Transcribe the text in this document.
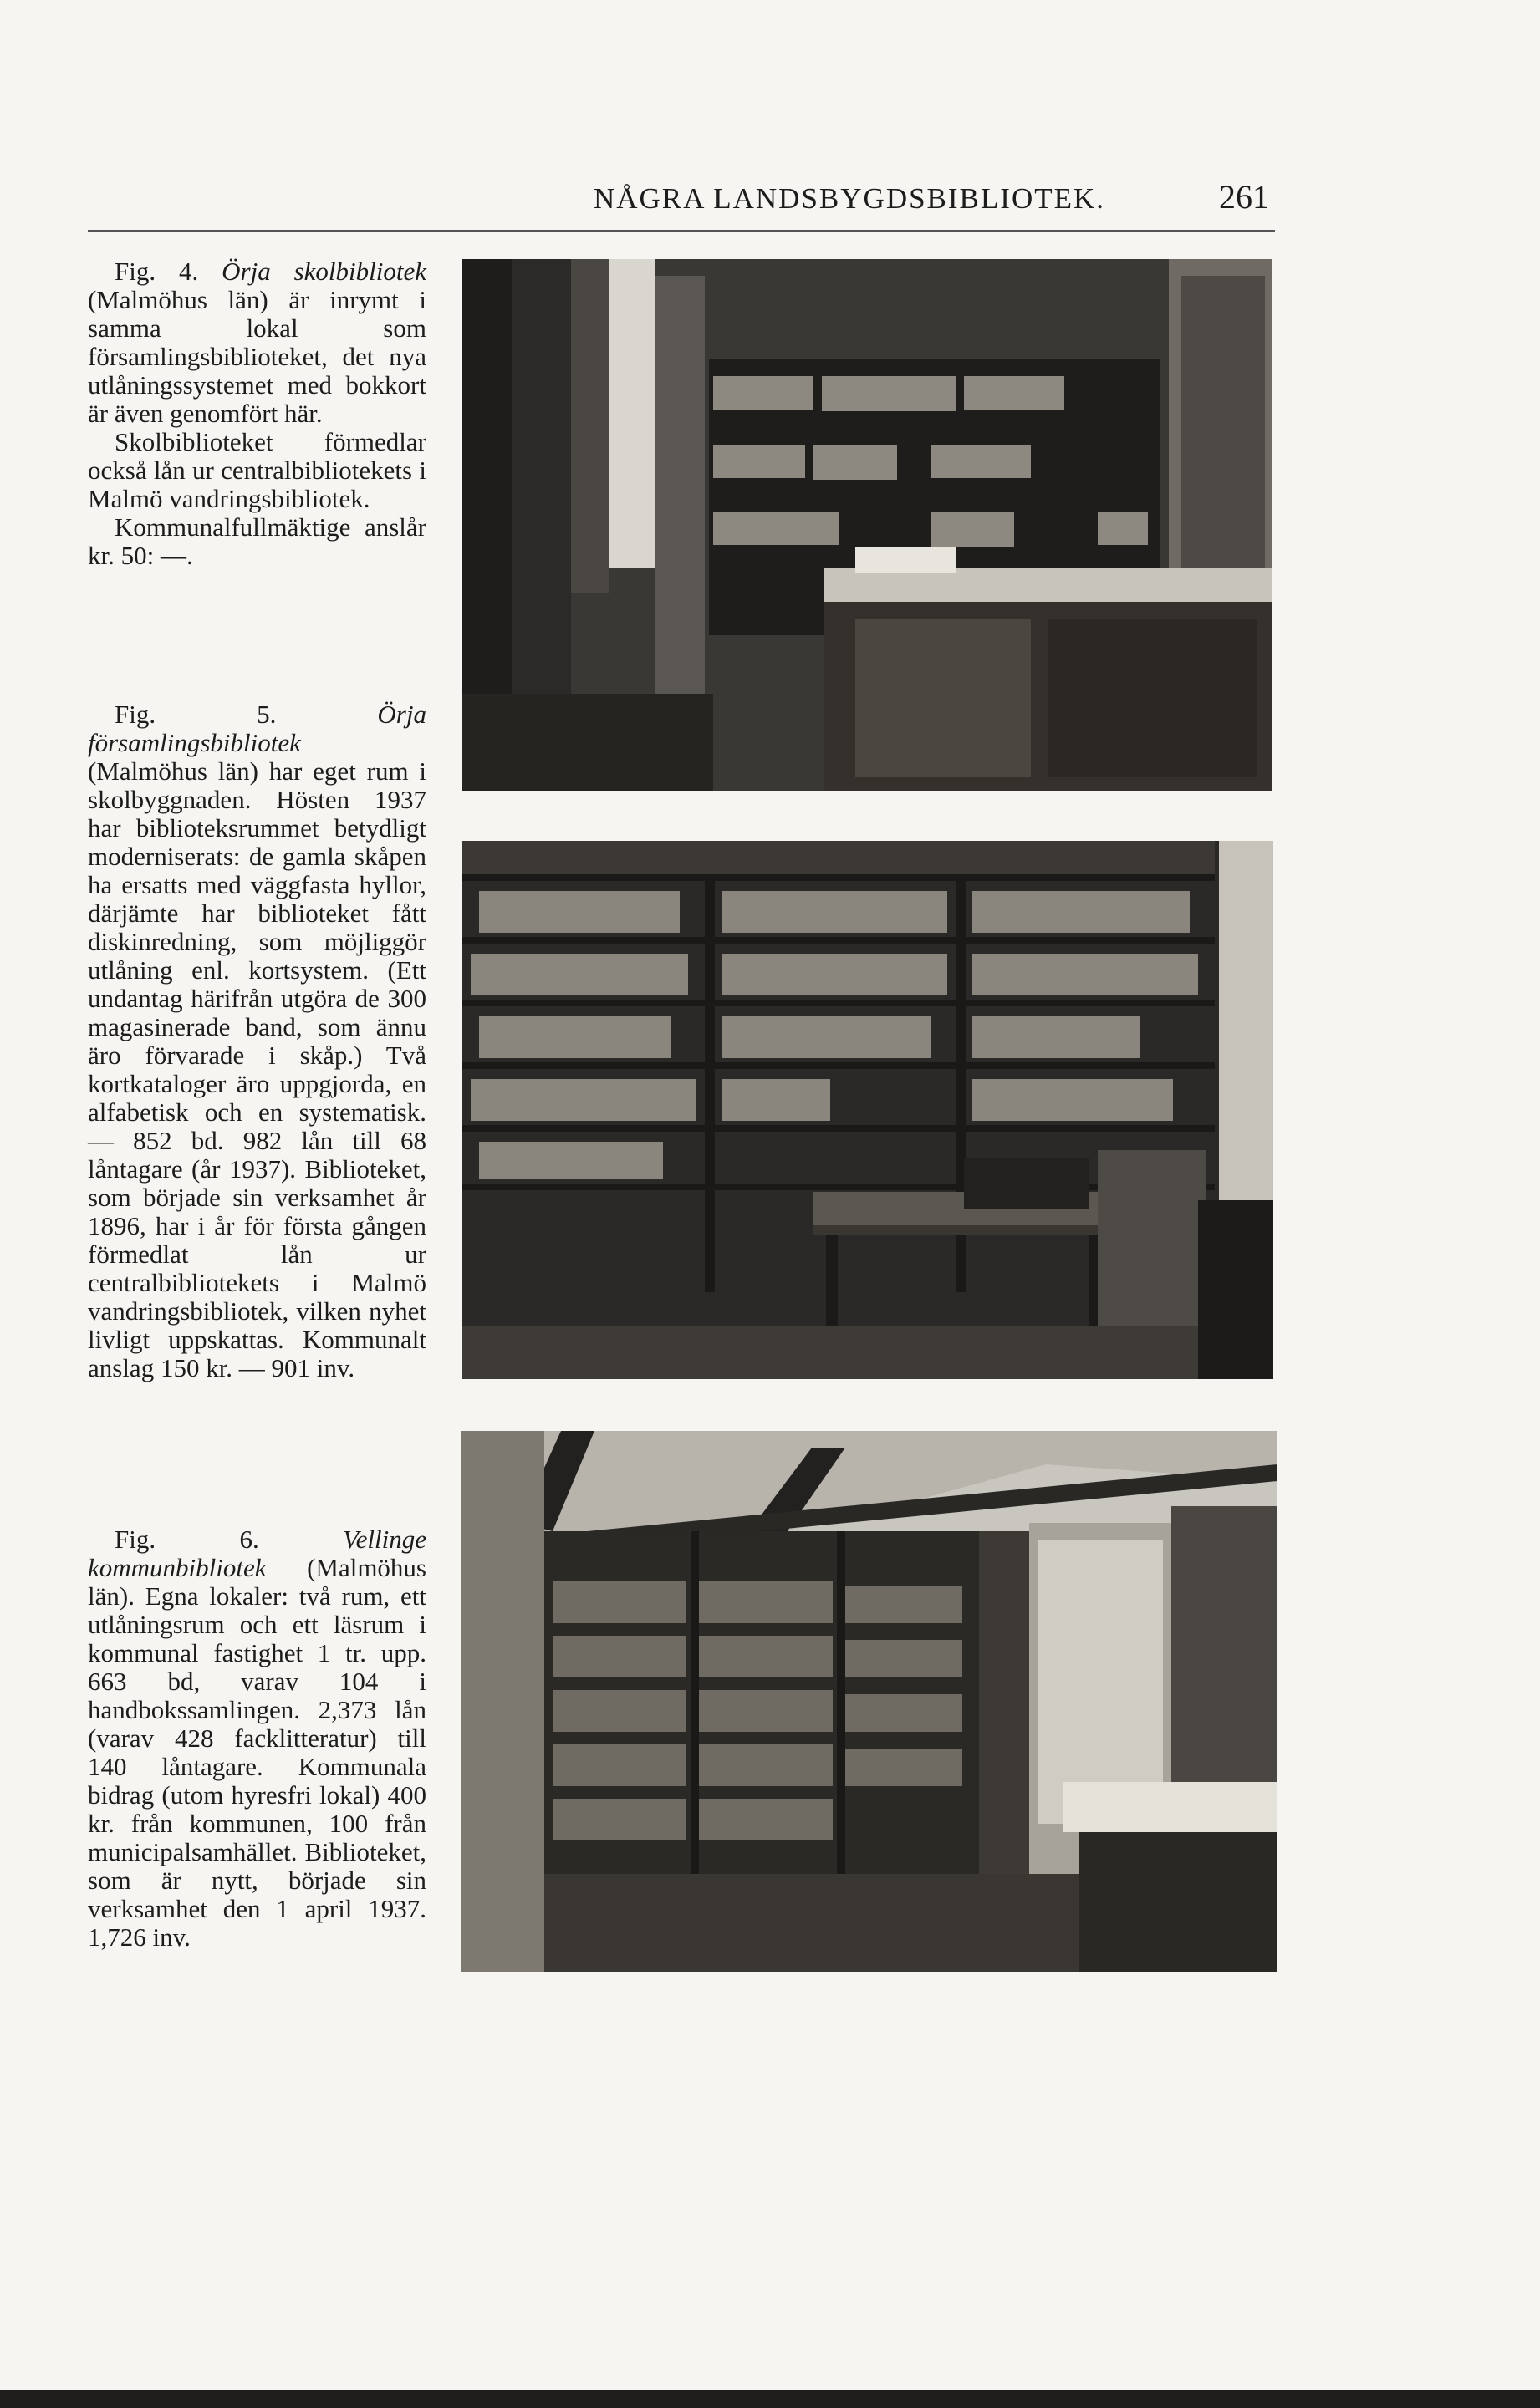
NÅGRA LANDSBYGDSBIBLIOTEK.	261

Fig. 4. Örja skolbibliotek (Malmöhus län) är inrymt i samma lokal som församlingsbiblioteket, det nya utlåningssystemet med bokkort är även genomfört här.

Skolbiblioteket förmedlar också lån ur centralbibliotekets i Malmö vandringsbibliotek.

Kommunalfullmäktige anslår kr. 50: —.

Fig. 5.	Örja församlingsbibliotek (Malmöhus län) har eget rum i skolbyggnaden. Hösten 1937 har biblioteksrummet betydligt moderniserats: de gamla skåpen ha ersatts med väggfasta hyllor, därjämte har biblioteket fått diskinredning, som möjliggör utlåning enl. kortsystem. (Ett undantag härifrån utgöra de 300 magasinerade band, som ännu äro förvarade i skåp.) Två kortkataloger äro uppgjorda, en alfabetisk och en systematisk. — 852 bd. 982 lån till 68 låntagare (år 1937). Biblioteket, som började sin verksamhet år 1896, har i år för första gången förmedlat lån ur centralbibliotekets i Malmö vandringsbibliotek, vilken nyhet livligt uppskattas. Kommunalt anslag 150 kr. — 901 inv.

Fig. 6.	Vellinge kommunbibliotek (Malmöhus län). Egna lokaler: två rum, ett utlåningsrum och ett läsrum i kommunal fastighet 1 tr. upp. 663 bd, varav 104 i handbokssamlingen. 2,373 lån (varav 428 facklitteratur) till 140 låntagare. Kommunala bidrag (utom hyresfri lokal) 400 kr. från kommunen, 100 från municipalsamhället. Biblioteket, som är nytt, började sin verksamhet den 1 april 1937. 1,726 inv.
